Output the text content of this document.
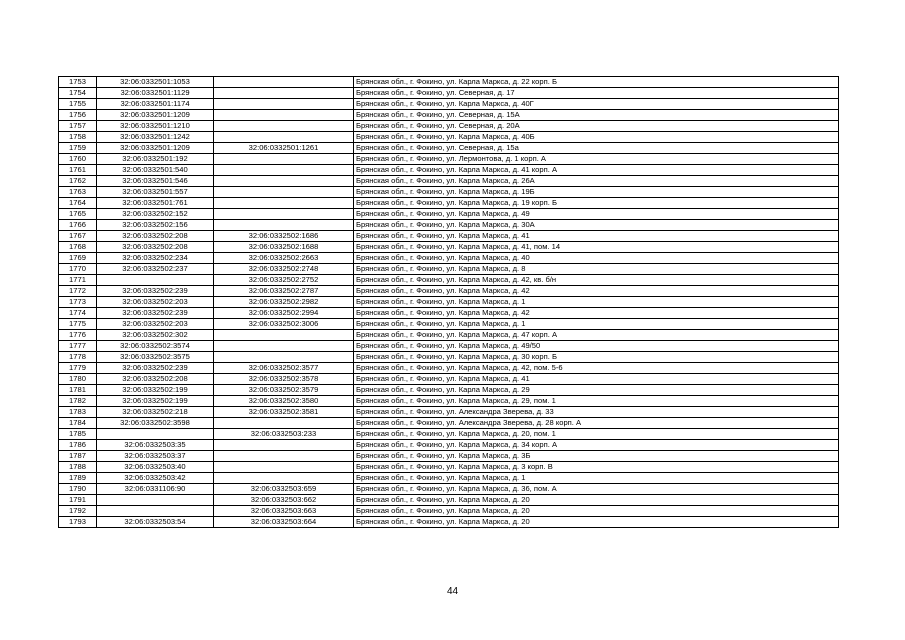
1753	32:06:0332501:1053		Брянская обл., г. Фокино, ул. Карла Маркса, д. 22 корп. Б
1754	32:06:0332501:1129		Брянская обл., г. Фокино, ул. Северная, д. 17
1755	32:06:0332501:1174		Брянская обл., г. Фокино, ул. Карла Маркса, д. 40Г
1756	32:06:0332501:1209		Брянская обл., г. Фокино, ул. Северная, д. 15А
1757	32:06:0332501:1210		Брянская обл., г. Фокино, ул. Северная, д. 20А
1758	32:06:0332501:1242		Брянская обл., г. Фокино, ул. Карла Маркса, д. 40Б
1759	32:06:0332501:1209	32:06:0332501:1261	Брянская обл., г. Фокино, ул. Северная, д. 15а
1760	32:06:0332501:192		Брянская обл., г. Фокино, ул. Лермонтова, д. 1 корп. А
1761	32:06:0332501:540		Брянская обл., г. Фокино, ул. Карла Маркса, д. 41 корп. А
1762	32:06:0332501:546		Брянская обл., г. Фокино, ул. Карла Маркса, д. 26А
1763	32:06:0332501:557		Брянская обл., г. Фокино, ул. Карла Маркса, д. 19Б
1764	32:06:0332501:761		Брянская обл., г. Фокино, ул. Карла Маркса, д. 19 корп. Б
1765	32:06:0332502:152		Брянская обл., г. Фокино, ул. Карла Маркса, д. 49
1766	32:06:0332502:156		Брянская обл., г. Фокино, ул. Карла Маркса, д. 30А
1767	32:06:0332502:208	32:06:0332502:1686	Брянская обл., г. Фокино, ул. Карла Маркса, д. 41
1768	32:06:0332502:208	32:06:0332502:1688	Брянская обл., г. Фокино, ул. Карла Маркса, д. 41, пом. 14
1769	32:06:0332502:234	32:06:0332502:2663	Брянская обл., г. Фокино, ул. Карла Маркса, д. 40
1770	32:06:0332502:237	32:06:0332502:2748	Брянская обл., г. Фокино, ул. Карла Маркса, д. 8
1771		32:06:0332502:2752	Брянская обл., г. Фокино, ул. Карла Маркса, д. 42, кв. б/н
1772	32:06:0332502:239	32:06:0332502:2787	Брянская обл., г. Фокино, ул. Карла Маркса, д. 42
1773	32:06:0332502:203	32:06:0332502:2982	Брянская обл., г. Фокино, ул. Карла Маркса, д. 1
1774	32:06:0332502:239	32:06:0332502:2994	Брянская обл., г. Фокино, ул. Карла Маркса, д. 42
1775	32:06:0332502:203	32:06:0332502:3006	Брянская обл., г. Фокино, ул. Карла Маркса, д. 1
1776	32:06:0332502:302		Брянская обл., г. Фокино, ул. Карла Маркса, д. 47 корп. А
1777	32:06:0332502:3574		Брянская обл., г. Фокино, ул. Карла Маркса, д. 49/50
1778	32:06:0332502:3575		Брянская обл., г. Фокино, ул. Карла Маркса, д. 30 корп. Б
1779	32:06:0332502:239	32:06:0332502:3577	Брянская обл., г. Фокино, ул. Карла Маркса, д. 42, пом. 5-6
1780	32:06:0332502:208	32:06:0332502:3578	Брянская обл., г. Фокино, ул. Карла Маркса, д. 41
1781	32:06:0332502:199	32:06:0332502:3579	Брянская обл., г. Фокино, ул. Карла Маркса, д. 29
1782	32:06:0332502:199	32:06:0332502:3580	Брянская обл., г. Фокино, ул. Карла Маркса, д. 29, пом. 1
1783	32:06:0332502:218	32:06:0332502:3581	Брянская обл., г. Фокино, ул. Александра Зверева, д. 33
1784	32:06:0332502:3598		Брянская обл., г. Фокино, ул. Александра Зверева, д. 28 корп. А
1785		32:06:0332503:233	Брянская обл., г. Фокино, ул. Карла Маркса, д. 20, пом. 1
1786	32:06:0332503:35		Брянская обл., г. Фокино, ул. Карла Маркса, д. 34 корп. А
1787	32:06:0332503:37		Брянская обл., г. Фокино, ул. Карла Маркса, д. 3Б
1788	32:06:0332503:40		Брянская обл., г. Фокино, ул. Карла Маркса, д. 3 корп. В
1789	32:06:0332503:42		Брянская обл., г. Фокино, ул. Карла Маркса, д. 1
1790	32:06:0331106:90	32:06:0332503:659	Брянская обл., г. Фокино, ул. Карла Маркса, д. 36, пом. А
1791		32:06:0332503:662	Брянская обл., г. Фокино, ул. Карла Маркса, д. 20
1792		32:06:0332503:663	Брянская обл., г. Фокино, ул. Карла Маркса, д. 20
1793	32:06:0332503:54	32:06:0332503:664	Брянская обл., г. Фокино, ул. Карла Маркса, д. 20
44
